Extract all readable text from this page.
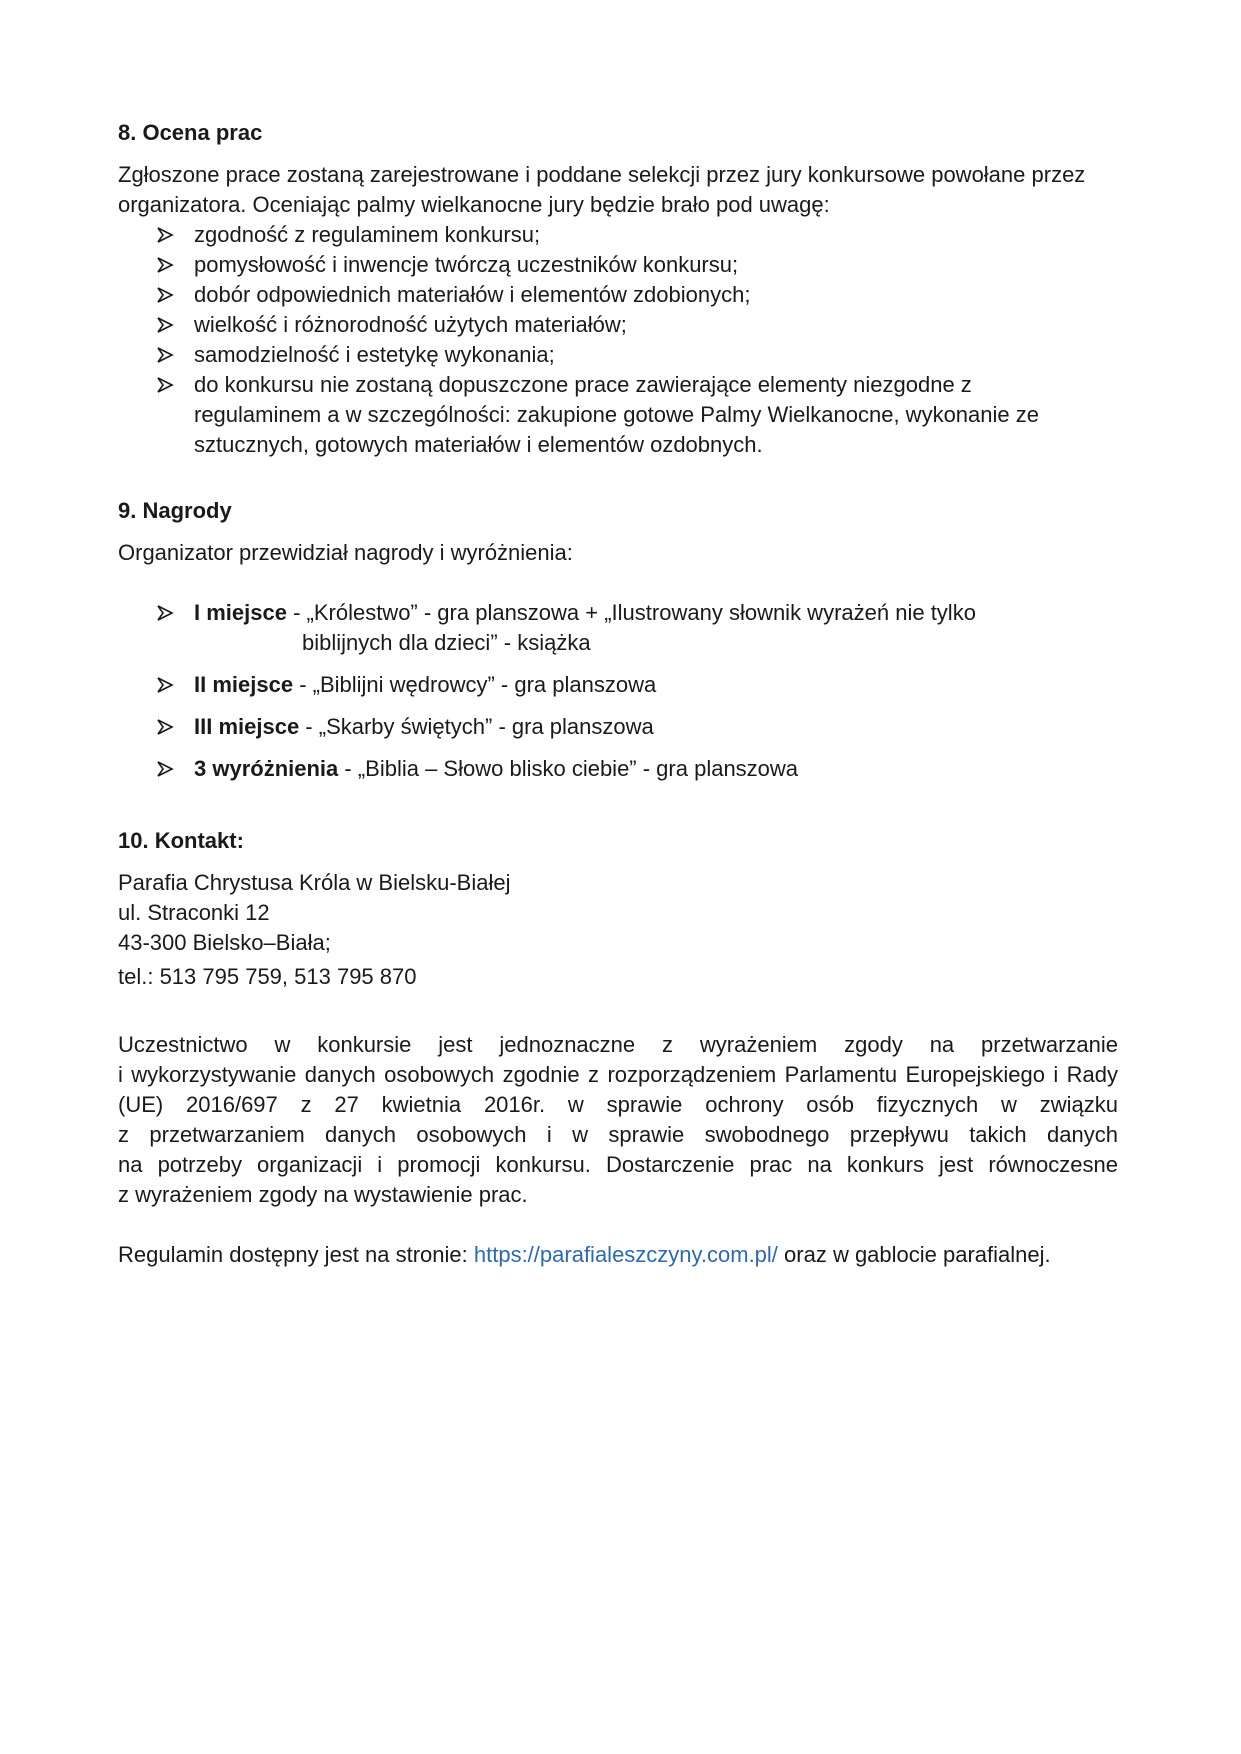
8. Ocena prac
Zgłoszone prace zostaną zarejestrowane i poddane selekcji przez jury konkursowe powołane przez
organizatora. Oceniając palmy wielkanocne jury będzie brało pod uwagę:
zgodność z regulaminem konkursu;
pomysłowość i inwencje twórczą uczestników konkursu;
dobór odpowiednich materiałów i elementów zdobionych;
wielkość i różnorodność użytych materiałów;
samodzielność i estetykę wykonania;
do konkursu nie zostaną dopuszczone prace zawierające elementy niezgodne z
regulaminem a w szczególności: zakupione gotowe Palmy Wielkanocne, wykonanie ze
sztucznych, gotowych materiałów i elementów ozdobnych.
9. Nagrody
Organizator przewidział nagrody i wyróżnienia:
I miejsce - „Królestwo” - gra planszowa + „Ilustrowany słownik wyrażeń nie tylko
biblijnych dla dzieci” - książka
II miejsce - „Biblijni wędrowcy” - gra planszowa
III miejsce - „Skarby świętych” - gra planszowa
3 wyróżnienia - „Biblia – Słowo blisko ciebie” - gra planszowa
10. Kontakt:
Parafia Chrystusa Króla w Bielsku-Białej
ul. Straconki 12
43-300 Bielsko–Biała;
tel.: 513 795 759, 513 795 870
Uczestnictwo w konkursie jest jednoznaczne z wyrażeniem zgody na przetwarzanie
i wykorzystywanie danych osobowych zgodnie z rozporządzeniem Parlamentu Europejskiego i Rady
(UE) 2016/697 z 27 kwietnia 2016r. w sprawie ochrony osób fizycznych w związku
z przetwarzaniem danych osobowych i w sprawie swobodnego przepływu takich danych
na potrzeby organizacji i promocji konkursu. Dostarczenie prac na konkurs jest równoczesne
z wyrażeniem zgody na wystawienie prac.
Regulamin dostępny jest na stronie: https://parafialeszczyny.com.pl/ oraz w gablocie parafialnej.
